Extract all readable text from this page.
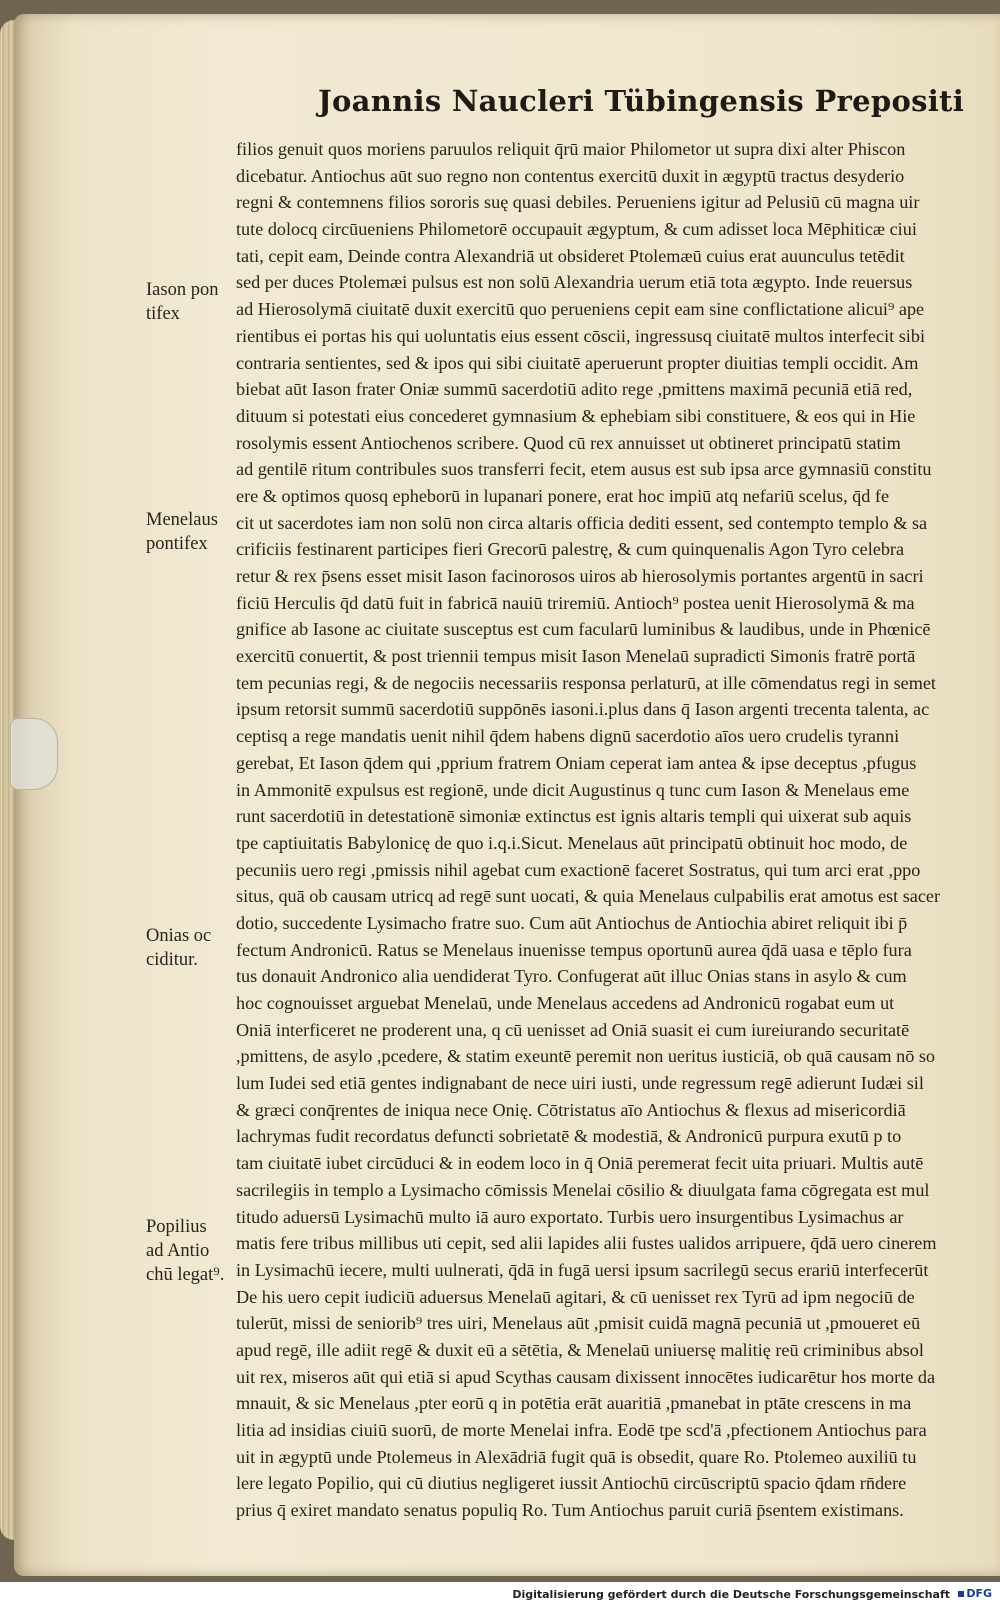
Joannis Naucleri Tübingensis Prepositi
Iason pon
tifex
Menelaus
pontifex
Onias oc
ciditur.
Popilius
ad Antio
chū legat⁹.
filios genuit quos moriens paruulos reliquit q̄rū maior Philometor ut supra dixi alter Phiscon
dicebatur. Antiochus aūt suo regno non contentus exercitū duxit in ægyptū tractus desyderio
regni & contemnens filios sororis suę quasi debiles. Perueniens igitur ad Pelusiū cū magna uir
tute dolocq circūueniens Philometorē occupauit ægyptum, & cum adisset loca Mēphiticæ ciui
tati, cepit eam, Deinde contra Alexandriā ut obsideret Ptolemæū cuius erat auunculus tetēdit
sed per duces Ptolemæi pulsus est non solū Alexandria uerum etiā tota ægypto. Inde reuersus
ad Hierosolymā ciuitatē duxit exercitū quo perueniens cepit eam sine conflictatione alicui⁹ ape
rientibus ei portas his qui uoluntatis eius essent cōscii, ingressusq ciuitatē multos interfecit sibi
contraria sentientes, sed & ipos qui sibi ciuitatē aperuerunt propter diuitias templi occidit. Am
biebat aūt Iason frater Oniæ summū sacerdotiū adito rege ,pmittens maximā pecuniā etiā red,
dituum si potestati eius concederet gymnasium & ephebiam sibi constituere, & eos qui in Hie
rosolymis essent Antiochenos scribere. Quod cū rex annuisset ut obtineret principatū statim
ad gentilē ritum contribules suos transferri fecit, etem ausus est sub ipsa arce gymnasiū constitu
ere & optimos quosq epheborū in lupanari ponere, erat hoc impiū atq nefariū scelus, q̄d fe
cit ut sacerdotes iam non solū non circa altaris officia dediti essent, sed contempto templo & sa
crificiis festinarent participes fieri Grecorū palestrę, & cum quinquenalis Agon Tyro celebra
retur & rex p̄sens esset misit Iason facinorosos uiros ab hierosolymis portantes argentū in sacri
ficiū Herculis q̄d datū fuit in fabricā nauiū triremiū. Antioch⁹ postea uenit Hierosolymā & ma
gnifice ab Iasone ac ciuitate susceptus est cum facularū luminibus & laudibus, unde in Phœnicē
exercitū conuertit, & post triennii tempus misit Iason Menelaū supradicti Simonis fratrē portā
tem pecunias regi, & de negociis necessariis responsa perlaturū, at ille cōmendatus regi in semet
ipsum retorsit summū sacerdotiū suppōnēs iasoni.i.plus dans q̄ Iason argenti trecenta talenta, ac
ceptisq a rege mandatis uenit nihil q̄dem habens dignū sacerdotio aīos uero crudelis tyranni
gerebat, Et Iason q̄dem qui ,pprium fratrem Oniam ceperat iam antea & ipse deceptus ,pfugus
in Ammonitē expulsus est regionē, unde dicit Augustinus q tunc cum Iason & Menelaus eme
runt sacerdotiū in detestationē simoniæ extinctus est ignis altaris templi qui uixerat sub aquis
tpe captiuitatis Babylonicę de quo i.q.i.Sicut. Menelaus aūt principatū obtinuit hoc modo, de
pecuniis uero regi ,pmissis nihil agebat cum exactionē faceret Sostratus, qui tum arci erat ,ppo
situs, quā ob causam utricq ad regē sunt uocati, & quia Menelaus culpabilis erat amotus est sacer
dotio, succedente Lysimacho fratre suo. Cum aūt Antiochus de Antiochia abiret reliquit ibi p̄
fectum Andronicū. Ratus se Menelaus inuenisse tempus oportunū aurea q̄dā uasa e tēplo fura
tus donauit Andronico alia uendiderat Tyro. Confugerat aūt illuc Onias stans in asylo & cum
hoc cognouisset arguebat Menelaū, unde Menelaus accedens ad Andronicū rogabat eum ut
Oniā interficeret ne proderent una, q cū uenisset ad Oniā suasit ei cum iureiurando securitatē
,pmittens, de asylo ,pcedere, & statim exeuntē peremit non ueritus iusticiā, ob quā causam nō so
lum Iudei sed etiā gentes indignabant de nece uiri iusti, unde regressum regē adierunt Iudæi sil
& græci conq̄rentes de iniqua nece Onię. Cōtristatus aīo Antiochus & flexus ad misericordiā
lachrymas fudit recordatus defuncti sobrietatē & modestiā, & Andronicū purpura exutū p to
tam ciuitatē iubet circūduci & in eodem loco in q̄ Oniā peremerat fecit uita priuari. Multis autē
sacrilegiis in templo a Lysimacho cōmissis Menelai cōsilio & diuulgata fama cōgregata est mul
titudo aduersū Lysimachū multo iā auro exportato. Turbis uero insurgentibus Lysimachus ar
matis fere tribus millibus uti cepit, sed alii lapides alii fustes ualidos arripuere, q̄dā uero cinerem
in Lysimachū iecere, multi uulnerati, q̄dā in fugā uersi ipsum sacrilegū secus erariū interfecerūt
De his uero cepit iudiciū aduersus Menelaū agitari, & cū uenisset rex Tyrū ad ipm negociū de
tulerūt, missi de seniorib⁹ tres uiri, Menelaus aūt ,pmisit cuidā magnā pecuniā ut ,pmoueret eū
apud regē, ille adiit regē & duxit eū a sētētia, & Menelaū uniuersę malitię reū criminibus absol
uit rex, miseros aūt qui etiā si apud Scythas causam dixissent innocētes iudicarētur hos morte da
mnauit, & sic Menelaus ,pter eorū q in potētia erāt auaritiā ,pmanebat in ptāte crescens in ma
litia ad insidias ciuiū suorū, de morte Menelai infra. Eodē tpe scd'ā ,pfectionem Antiochus para
uit in ægyptū unde Ptolemeus in Alexādriā fugit quā is obsedit, quare Ro. Ptolemeo auxiliū tu
lere legato Popilio, qui cū diutius negligeret iussit Antiochū circūscriptū spacio q̄dam rn̄dere
prius q̄ exiret mandato senatus populiq Ro. Tum Antiochus paruit curiā p̄sentem existimans.
Digitalisierung gefördert durch die Deutsche Forschungsgemeinschaft	DFG
